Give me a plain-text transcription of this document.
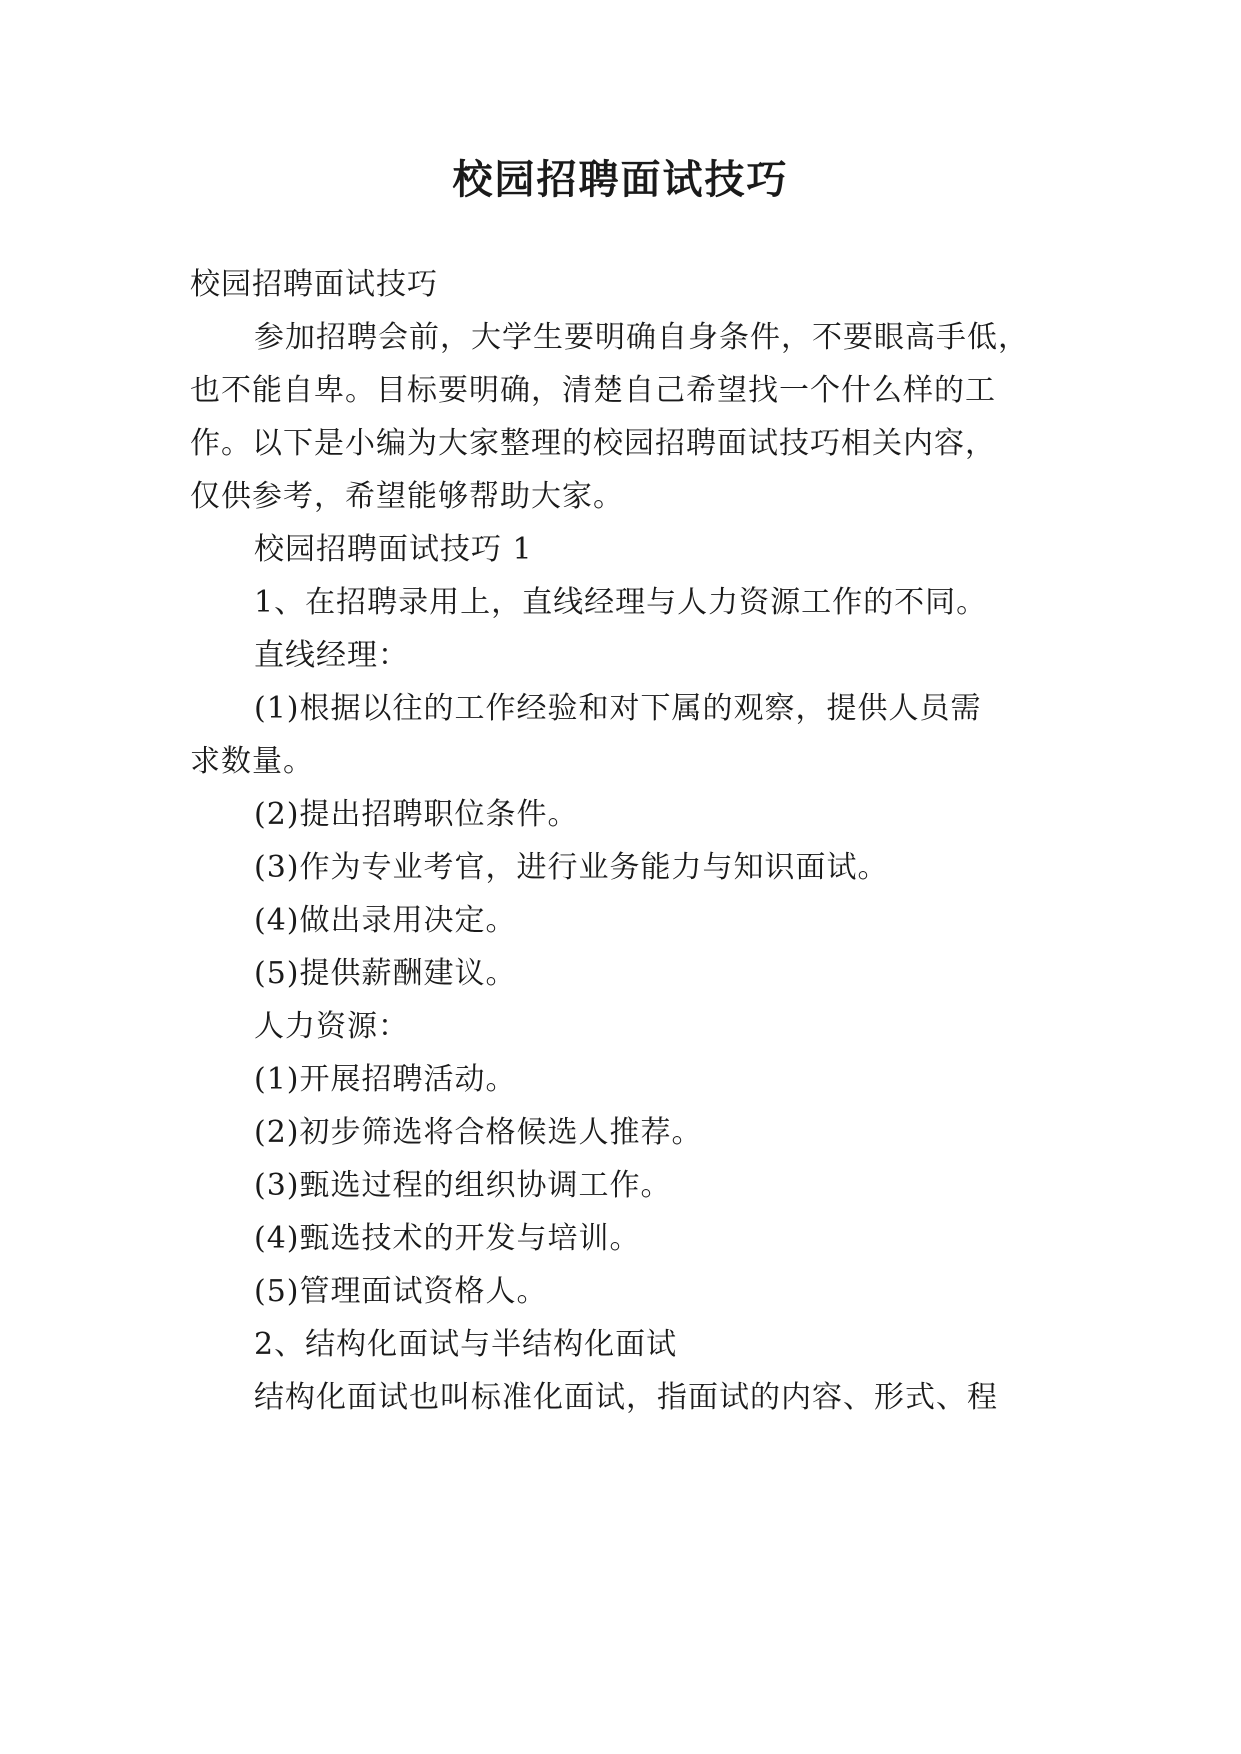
校园招聘面试技巧
校园招聘面试技巧
参加招聘会前，大学生要明确自身条件，不要眼高手低，
也不能自卑。目标要明确，清楚自己希望找一个什么样的工
作。以下是小编为大家整理的校园招聘面试技巧相关内容，
仅供参考，希望能够帮助大家。
校园招聘面试技巧 1
1、在招聘录用上，直线经理与人力资源工作的不同。
直线经理：
(1)根据以往的工作经验和对下属的观察，提供人员需
求数量。
(2)提出招聘职位条件。
(3)作为专业考官，进行业务能力与知识面试。
(4)做出录用决定。
(5)提供薪酬建议。
人力资源：
(1)开展招聘活动。
(2)初步筛选将合格候选人推荐。
(3)甄选过程的组织协调工作。
(4)甄选技术的开发与培训。
(5)管理面试资格人。
2、结构化面试与半结构化面试
结构化面试也叫标准化面试，指面试的内容、形式、程
